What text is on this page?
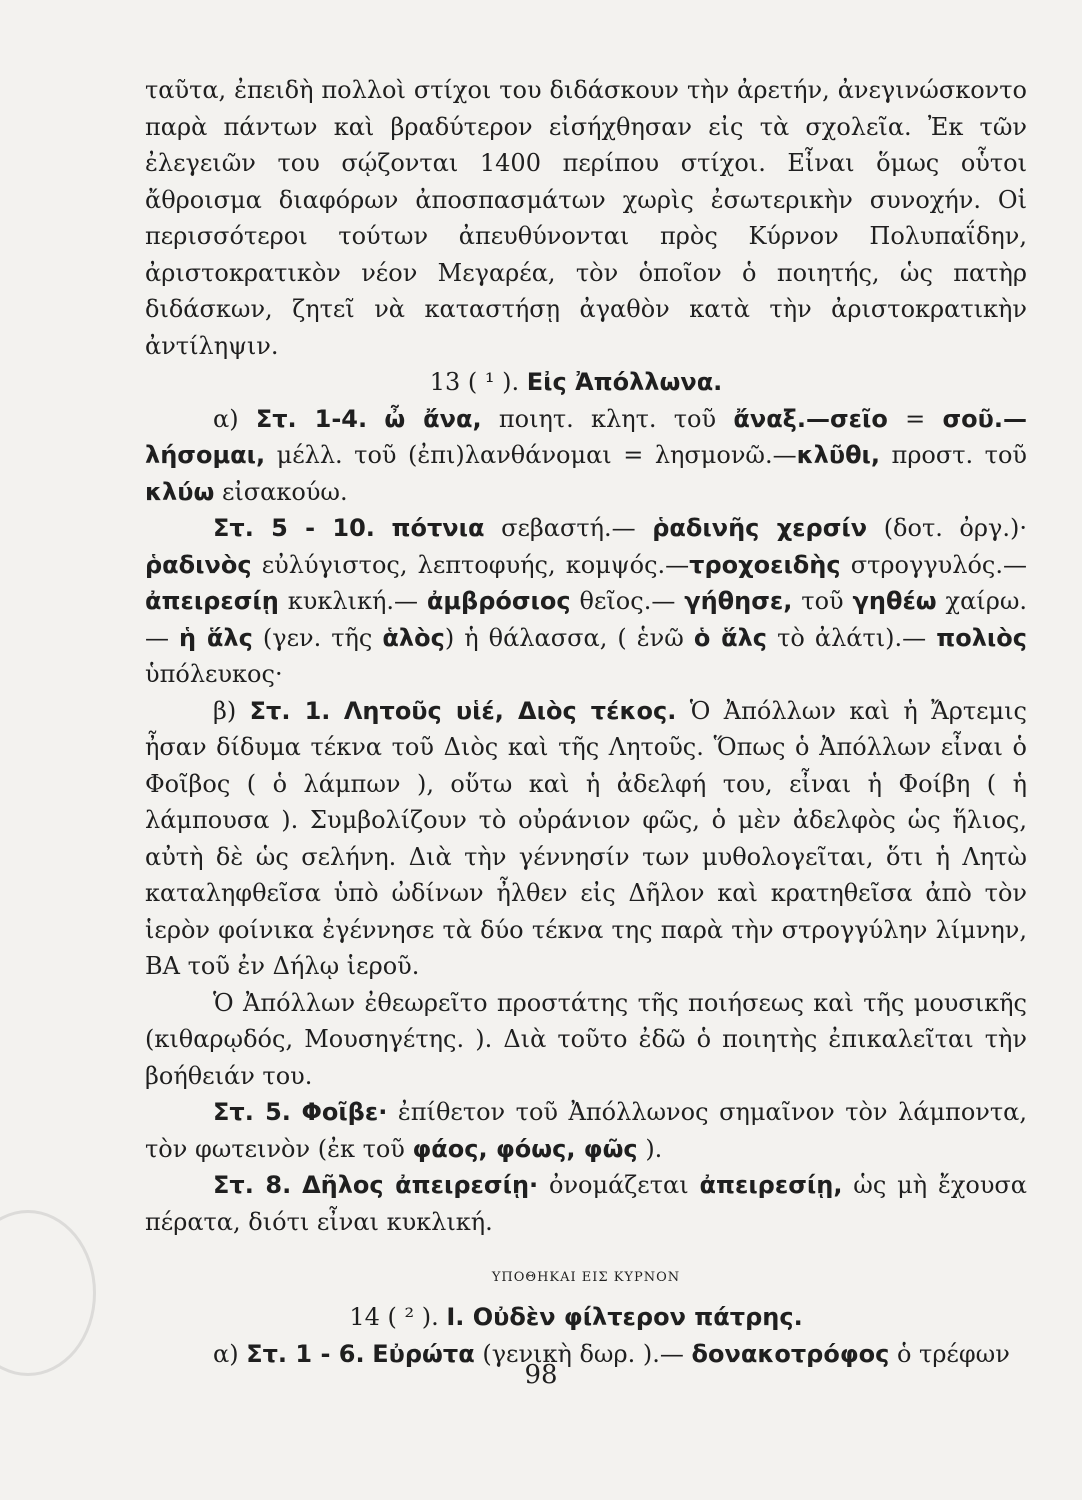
ταῦτα, ἐπειδὴ πολλοὶ στίχοι του διδάσκουν τὴν ἀρετήν, ἀνεγινώσκοντο παρὰ πάντων καὶ βραδύτερον εἰσήχθησαν εἰς τὰ σχολεῖα. Ἐκ τῶν ἐλεγειῶν του σῴζονται 1400 περίπου στίχοι. Εἶναι ὅμως οὗτοι ἄθροισμα διαφόρων ἀποσπασμάτων χωρὶς ἐσωτερικὴν συνοχήν. Οἱ περισσότεροι τούτων ἀπευθύνονται πρὸς Κύρνον Πολυπαΐδην, ἀριστοκρατικὸν νέον Μεγαρέα, τὸν ὁποῖον ὁ ποιητής, ὡς πατὴρ διδάσκων, ζητεῖ νὰ καταστήσῃ ἀγαθὸν κατὰ τὴν ἀριστοκρατικὴν ἀντίληψιν.

13 ( ¹ ). Εἰς Ἀπόλλωνα.

α) Στ. 1-4. ὦ ἄνα, ποιητ. κλητ. τοῦ ἄναξ.—σεῖο = σοῦ.— λήσομαι, μέλλ. τοῦ (ἐπι)λανθάνομαι = λησμονῶ.—κλῦθι, προστ. τοῦ κλύω εἰσακούω.

Στ. 5 - 10. πότνια σεβαστή.— ῥαδινῆς χερσίν (δοτ. ὀργ.)· ῥαδινὸς εὐλύγιστος, λεπτοφυής, κομψός.—τροχοειδὴς στρογγυλός.—ἀπειρεσίῃ κυκλική.— ἀμβρόσιος θεῖος.— γήθησε, τοῦ γηθέω χαίρω.— ἡ ἅλς (γεν. τῆς ἁλὸς) ἡ θάλασσα, ( ἑνῶ ὁ ἅλς τὸ ἀλάτι).— πολιὸς ὑπόλευκος·

β) Στ. 1. Λητοῦς υἱέ, Διὸς τέκος. Ὁ Ἀπόλλων καὶ ἡ Ἄρτεμις ἦσαν δίδυμα τέκνα τοῦ Διὸς καὶ τῆς Λητοῦς. Ὅπως ὁ Ἀπόλλων εἶναι ὁ Φοῖβος ( ὁ λάμπων ), οὕτω καὶ ἡ ἀδελφή του, εἶναι ἡ Φοίβη ( ἡ λάμπουσα ). Συμβολίζουν τὸ οὐράνιον φῶς, ὁ μὲν ἀδελφὸς ὡς ἥλιος, αὐτὴ δὲ ὡς σελήνη. Διὰ τὴν γέννησίν των μυθολογεῖται, ὅτι ἡ Λητὼ καταληφθεῖσα ὑπὸ ὠδίνων ἦλθεν εἰς Δῆλον καὶ κρατηθεῖσα ἀπὸ τὸν ἱερὸν φοίνικα ἐγέννησε τὰ δύο τέκνα της παρὰ τὴν στρογγύλην λίμνην, ΒΑ τοῦ ἐν Δήλῳ ἱεροῦ.

Ὁ Ἀπόλλων ἐθεωρεῖτο προστάτης τῆς ποιήσεως καὶ τῆς μουσικῆς (κιθαρῳδός, Μουσηγέτης. ). Διὰ τοῦτο ἐδῶ ὁ ποιητὴς ἐπικαλεῖται τὴν βοήθειάν του.

Στ. 5. Φοῖβε· ἐπίθετον τοῦ Ἀπόλλωνος σημαῖνον τὸν λάμποντα, τὸν φωτεινὸν (ἐκ τοῦ φάος, φόως, φῶς ).

Στ. 8. Δῆλος ἀπειρεσίῃ· ὀνομάζεται ἀπειρεσίῃ, ὡς μὴ ἔχουσα πέρατα, διότι εἶναι κυκλική.

ΥΠΟΘΗΚΑΙ ΕΙΣ ΚΥΡΝΟΝ

14 ( ² ). Ι. Οὐδὲν φίλτερον πάτρης.

α) Στ. 1 - 6. Εὐρώτα (γενικὴ δωρ. ).— δονακοτρόφος ὁ τρέφων

98
